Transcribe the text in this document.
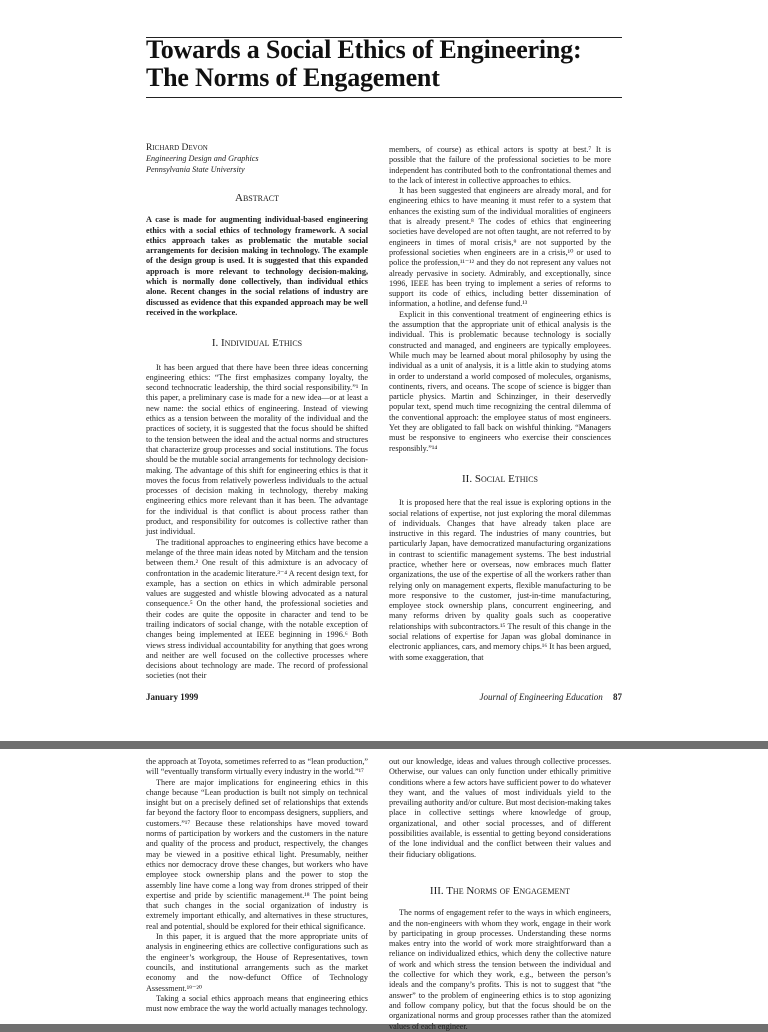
Towards a Social Ethics of Engineering: The Norms of Engagement
Richard Devon
Engineering Design and Graphics
Pennsylvania State University
Abstract
A case is made for augmenting individual-based engineering ethics with a social ethics of technology framework. A social ethics approach takes as problematic the mutable social arrangements for decision making in technology. The example of the design group is used. It is suggested that this expanded approach is more relevant to technology decision-making, which is normally done collectively, than individual ethics alone. Recent changes in the social relations of industry are discussed as evidence that this expanded approach may be well received in the workplace.
I. Individual Ethics

It has been argued that there have been three ideas concerning engineering ethics: “The first emphasizes company loyalty, the second technocratic leadership, the third social responsibility.”¹ In this paper, a preliminary case is made for a new idea—or at least a new name: the social ethics of engineering. Instead of viewing ethics as a tension between the morality of the individual and the practices of society, it is suggested that the focus should be shifted to the tension between the ideal and the actual norms and structures that characterize group processes and social institutions. The focus should be the mutable social arrangements for technology decision-making. The advantage of this shift for engineering ethics is that it moves the focus from relatively powerless individuals to the actual processes of decision making in technology, thereby making engineering ethics more relevant than it has been. The advantage for the individual is that conflict is about process rather than product, and responsibility for outcomes is collective rather than just individual.

The traditional approaches to engineering ethics have become a melange of the three main ideas noted by Mitcham and the tension between them.² One result of this admixture is an advocacy of confrontation in the academic literature.³⁻⁴ A recent design text, for example, has a section on ethics in which admirable personal values are suggested and whistle blowing advocated as a natural consequence.⁵ On the other hand, the professional societies and their codes are quite the opposite in character and tend to be trailing indicators of social change, with the notable exception of changes being implemented at IEEE beginning in 1996.⁶ Both views stress individual accountability for anything that goes wrong and neither are well focused on the collective processes where decisions about technology are made. The record of professional societies (not their

members, of course) as ethical actors is spotty at best.⁷ It is possible that the failure of the professional societies to be more independent has contributed both to the confrontational themes and to the lack of interest in collective approaches to ethics.

It has been suggested that engineers are already moral, and for engineering ethics to have meaning it must refer to a system that enhances the existing sum of the individual moralities of engineers that is already present.⁸ The codes of ethics that engineering societies have developed are not often taught, are not referred to by engineers in times of moral crisis,⁹ are not supported by the professional societies when engineers are in a crisis,¹⁰ or used to police the profession,¹¹⁻¹² and they do not represent any values not already pervasive in society. Admirably, and exceptionally, since 1996, IEEE has been trying to implement a series of reforms to support its code of ethics, including better dissemination of information, a hotline, and defense fund.¹³

Explicit in this conventional treatment of engineering ethics is the assumption that the appropriate unit of ethical analysis is the individual. This is problematic because technology is socially constructed and managed, and engineers are typically employees. While much may be learned about moral philosophy by using the individual as a unit of analysis, it is a little akin to studying atoms in order to understand a world composed of molecules, organisms, continents, rivers, and oceans. The scope of science is bigger than particle physics. Martin and Schinzinger, in their deservedly popular text, spend much time recognizing the central dilemma of the conventional approach: the employee status of most engineers. Yet they are obligated to fall back on wishful thinking. “Managers must be responsive to engineers who exercise their consciences responsibly.”¹⁴

II. Social Ethics

It is proposed here that the real issue is exploring options in the social relations of expertise, not just exploring the moral dilemmas of individuals. Changes that have already taken place are instructive in this regard. The industries of many countries, but particularly Japan, have democratized manufacturing organizations in contrast to scientific management systems. The best industrial practice, whether here or overseas, now embraces much flatter organizations, the use of the expertise of all the workers rather than relying only on management experts, flexible manufacturing to be more responsive to the customer, just-in-time manufacturing, employee stock ownership plans, concurrent engineering, and many reforms driven by quality goals such as cooperative relationships with subcontractors.¹⁵ The result of this change in the social relations of expertise for Japan was global dominance in electronic appliances, cars, and memory chips.¹⁶ It has been argued, with some exaggeration, that

January 1999	Journal of Engineering Education 87

the approach at Toyota, sometimes referred to as “lean production,” will “eventually transform virtually every industry in the world.”¹⁷

There are major implications for engineering ethics in this change because “Lean production is built not simply on technical insight but on a precisely defined set of relationships that extends far beyond the factory floor to encompass designers, suppliers, and customers.”¹⁷ Because these relationships have moved toward norms of participation by workers and the customers in the nature and quality of the process and product, respectively, the changes may be viewed in a positive ethical light. Presumably, neither ethics nor democracy drove these changes, but workers who have employee stock ownership plans and the power to stop the assembly line have come a long way from drones stripped of their expertise and pride by scientific management.¹⁸ The point being that such changes in the social organization of industry is extremely important ethically, and alternatives in these structures, real and potential, should be explored for their ethical significance.

In this paper, it is argued that the more appropriate units of analysis in engineering ethics are collective configurations such as the engineer’s workgroup, the House of Representatives, town councils, and institutional arrangements such as the market economy and the now-defunct Office of Technology Assessment.¹⁹⁻²⁰

Taking a social ethics approach means that engineering ethics must now embrace the way the world actually manages technology.

out our knowledge, ideas and values through collective processes. Otherwise, our values can only function under ethically primitive conditions where a few actors have sufficient power to do whatever they want, and the values of most individuals yield to the prevailing authority and/or culture. But most decision-making takes place in collective settings where knowledge of group, organizational, and other social processes, and of different possibilities available, is essential to getting beyond considerations of the lone individual and the conflict between their values and their fiduciary obligations.

III. The Norms of Engagement

The norms of engagement refer to the ways in which engineers, and the non-engineers with whom they work, engage in their work by participating in group processes. Understanding these norms makes entry into the world of work more straightforward than a reliance on individualized ethics, which deny the collective nature of work and which stress the tension between the individual and the collective for which they work, e.g., between the person’s ideals and the company’s profits. This is not to suggest that “the answer” to the problem of engineering ethics is to stop agonizing and follow company policy, but that the focus should be on the organizational norms and group processes rather than the atomized values of each engineer.
